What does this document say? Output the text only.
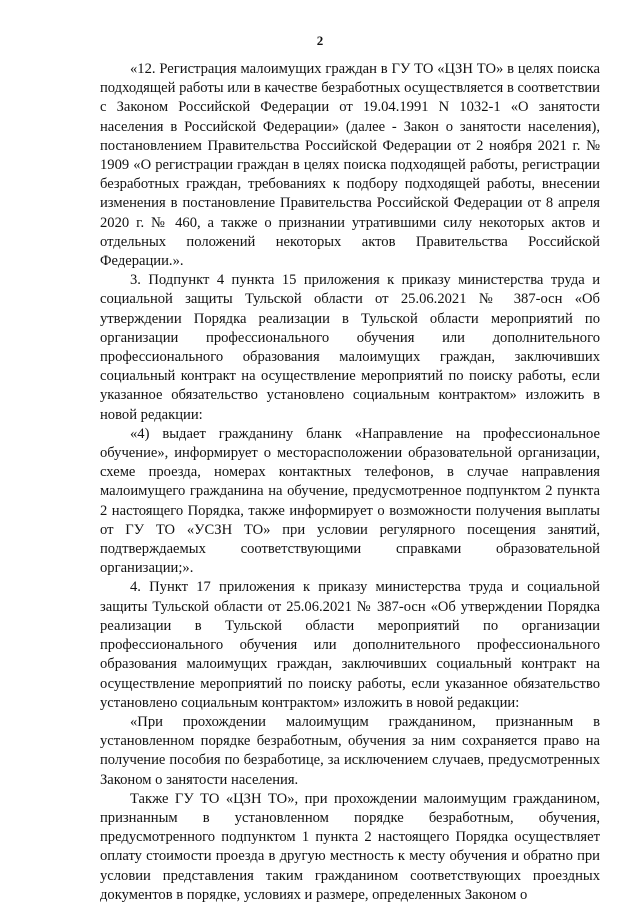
2

«12. Регистрация малоимущих граждан в ГУ ТО «ЦЗН ТО» в целях поиска подходящей работы или в качестве безработных осуществляется в соответствии с Законом Российской Федерации от 19.04.1991 N 1032-1 «О занятости населения в Российской Федерации» (далее - Закон о занятости населения), постановлением Правительства Российской Федерации от 2 ноября 2021 г. № 1909 «О регистрации граждан в целях поиска подходящей работы, регистрации безработных граждан, требованиях к подбору подходящей работы, внесении изменения в постановление Правительства Российской Федерации от 8 апреля 2020 г. № 460, а также о признании утратившими силу некоторых актов и отдельных положений некоторых актов Правительства Российской Федерации.».

3. Подпункт 4 пункта 15 приложения к приказу министерства труда и социальной защиты Тульской области от 25.06.2021 № 387-осн «Об утверждении Порядка реализации в Тульской области мероприятий по организации профессионального обучения или дополнительного профессионального образования малоимущих граждан, заключивших социальный контракт на осуществление мероприятий по поиску работы, если указанное обязательство установлено социальным контрактом» изложить в новой редакции:

«4) выдает гражданину бланк «Направление на профессиональное обучение», информирует о месторасположении образовательной организации, схеме проезда, номерах контактных телефонов, в случае направления малоимущего гражданина на обучение, предусмотренное подпунктом 2 пункта 2 настоящего Порядка, также информирует о возможности получения выплаты от ГУ ТО «УСЗН ТО» при условии регулярного посещения занятий, подтверждаемых соответствующими справками образовательной организации;».

4. Пункт 17 приложения к приказу министерства труда и социальной защиты Тульской области от 25.06.2021 № 387-осн «Об утверждении Порядка реализации в Тульской области мероприятий по организации профессионального обучения или дополнительного профессионального образования малоимущих граждан, заключивших социальный контракт на осуществление мероприятий по поиску работы, если указанное обязательство установлено социальным контрактом» изложить в новой редакции:

«При прохождении малоимущим гражданином, признанным в установленном порядке безработным, обучения за ним сохраняется право на получение пособия по безработице, за исключением случаев, предусмотренных Законом о занятости населения.

Также ГУ ТО «ЦЗН ТО», при прохождении малоимущим гражданином, признанным в установленном порядке безработным, обучения, предусмотренного подпунктом 1 пункта 2 настоящего Порядка осуществляет оплату стоимости проезда в другую местность к месту обучения и обратно при условии представления таким гражданином соответствующих проездных документов в порядке, условиях и размере, определенных Законом о
